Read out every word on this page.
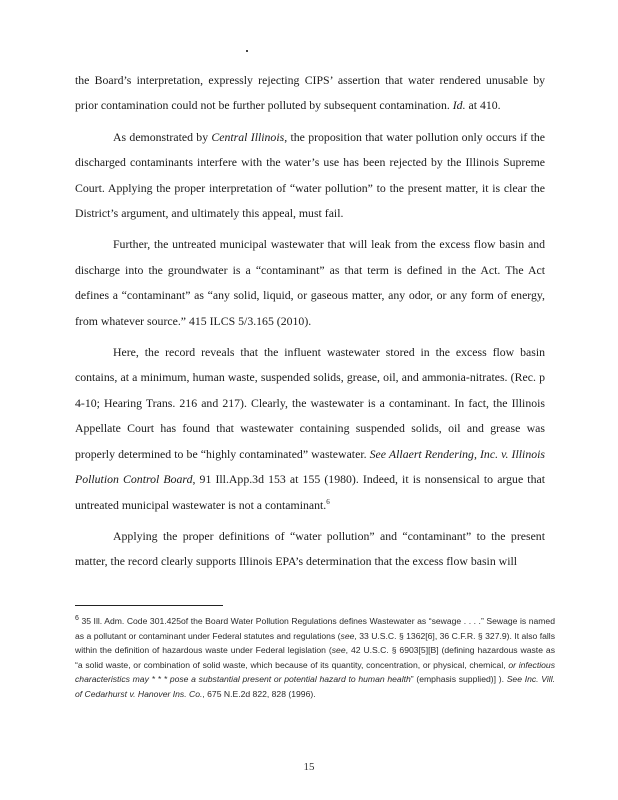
the Board’s interpretation, expressly rejecting CIPS’ assertion that water rendered unusable by prior contamination could not be further polluted by subsequent contamination. Id. at 410.

As demonstrated by Central Illinois, the proposition that water pollution only occurs if the discharged contaminants interfere with the water’s use has been rejected by the Illinois Supreme Court. Applying the proper interpretation of “water pollution” to the present matter, it is clear the District’s argument, and ultimately this appeal, must fail.

Further, the untreated municipal wastewater that will leak from the excess flow basin and discharge into the groundwater is a “contaminant” as that term is defined in the Act. The Act defines a “contaminant” as “any solid, liquid, or gaseous matter, any odor, or any form of energy, from whatever source.” 415 ILCS 5/3.165 (2010).

Here, the record reveals that the influent wastewater stored in the excess flow basin contains, at a minimum, human waste, suspended solids, grease, oil, and ammonia-nitrates. (Rec. p 4-10; Hearing Trans. 216 and 217). Clearly, the wastewater is a contaminant. In fact, the Illinois Appellate Court has found that wastewater containing suspended solids, oil and grease was properly determined to be “highly contaminated” wastewater. See Allaert Rendering, Inc. v. Illinois Pollution Control Board, 91 Ill.App.3d 153 at 155 (1980). Indeed, it is nonsensical to argue that untreated municipal wastewater is not a contaminant.$^6$

Applying the proper definitions of “water pollution” and “contaminant” to the present matter, the record clearly supports Illinois EPA’s determination that the excess flow basin will

$^6$ 35 Ill. Adm. Code 301.425of the Board Water Pollution Regulations defines Wastewater as “sewage . . . .” Sewage is named as a pollutant or contaminant under Federal statutes and regulations (see, 33 U.S.C. § 1362[6], 36 C.F.R. § 327.9). It also falls within the definition of hazardous waste under Federal legislation (see, 42 U.S.C. § 6903[5][B] (defining hazardous waste as “a solid waste, or combination of solid waste, which because of its quantity, concentration, or physical, chemical, or infectious characteristics may * * * pose a substantial present or potential hazard to human health” (emphasis supplied)] ). See Inc. Vill. of Cedarhurst v. Hanover Ins. Co., 675 N.E.2d 822, 828 (1996).

15
